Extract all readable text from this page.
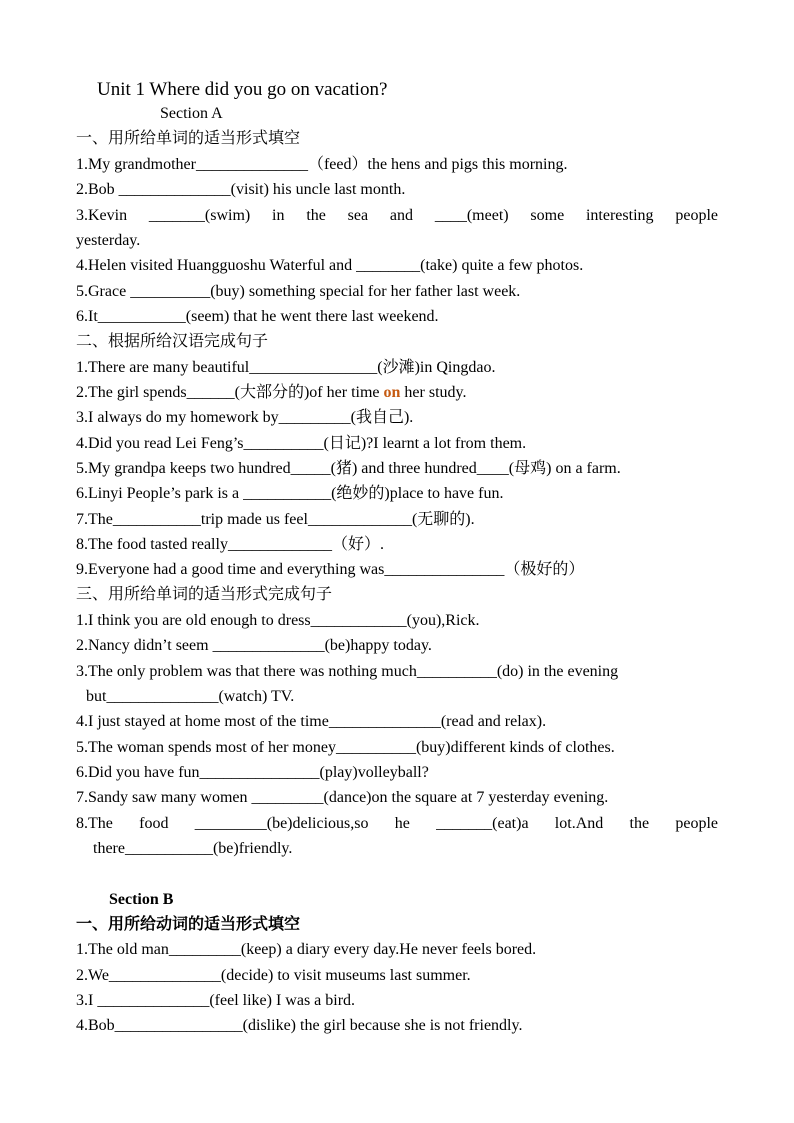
Unit 1 Where did you go on vacation?
Section A
一、用所给单词的适当形式填空
1.My grandmother______________（feed）the hens and pigs this morning.
2.Bob ______________(visit) his uncle last month.
3.Kevin _______(swim) in the sea and ____(meet) some interesting people
yesterday.
4.Helen visited Huangguoshu Waterful and ________(take) quite a few photos.
5.Grace __________(buy) something special for her father last week.
6.It___________(seem) that he went there last weekend.
二、根据所给汉语完成句子
1.There are many beautiful________________(沙滩)in Qingdao.
2.The girl spends______(大部分的)of her time on her study.
3.I always do my homework by_________(我自己).
4.Did you read Lei Feng’s__________(日记)?I learnt a lot from them.
5.My grandpa keeps two hundred_____(猪) and three hundred____(母鸡) on a farm.
6.Linyi People’s park is a ___________(绝妙的)place to have fun.
7.The___________trip made us feel_____________(无聊的).
8.The food tasted really_____________（好）.
9.Everyone had a good time and everything was_______________（极好的）
三、用所给单词的适当形式完成句子
1.I think you are old enough to dress____________(you),Rick.
2.Nancy didn’t seem ______________(be)happy today.
3.The only problem was that there was nothing much__________(do) in the evening
but______________(watch) TV.
4.I just stayed at home most of the time______________(read and relax).
5.The woman spends most of her money__________(buy)different kinds of clothes.
6.Did you have fun_______________(play)volleyball?
7.Sandy saw many women _________(dance)on the square at 7 yesterday evening.
8.The food _________(be)delicious,so he _______(eat)a lot.And the people
there___________(be)friendly.
Section B
一、用所给动词的适当形式填空
1.The old man_________(keep) a diary every day.He never feels bored.
2.We______________(decide) to visit museums last summer.
3.I ______________(feel like) I was a bird.
4.Bob________________(dislike) the girl because she is not friendly.
